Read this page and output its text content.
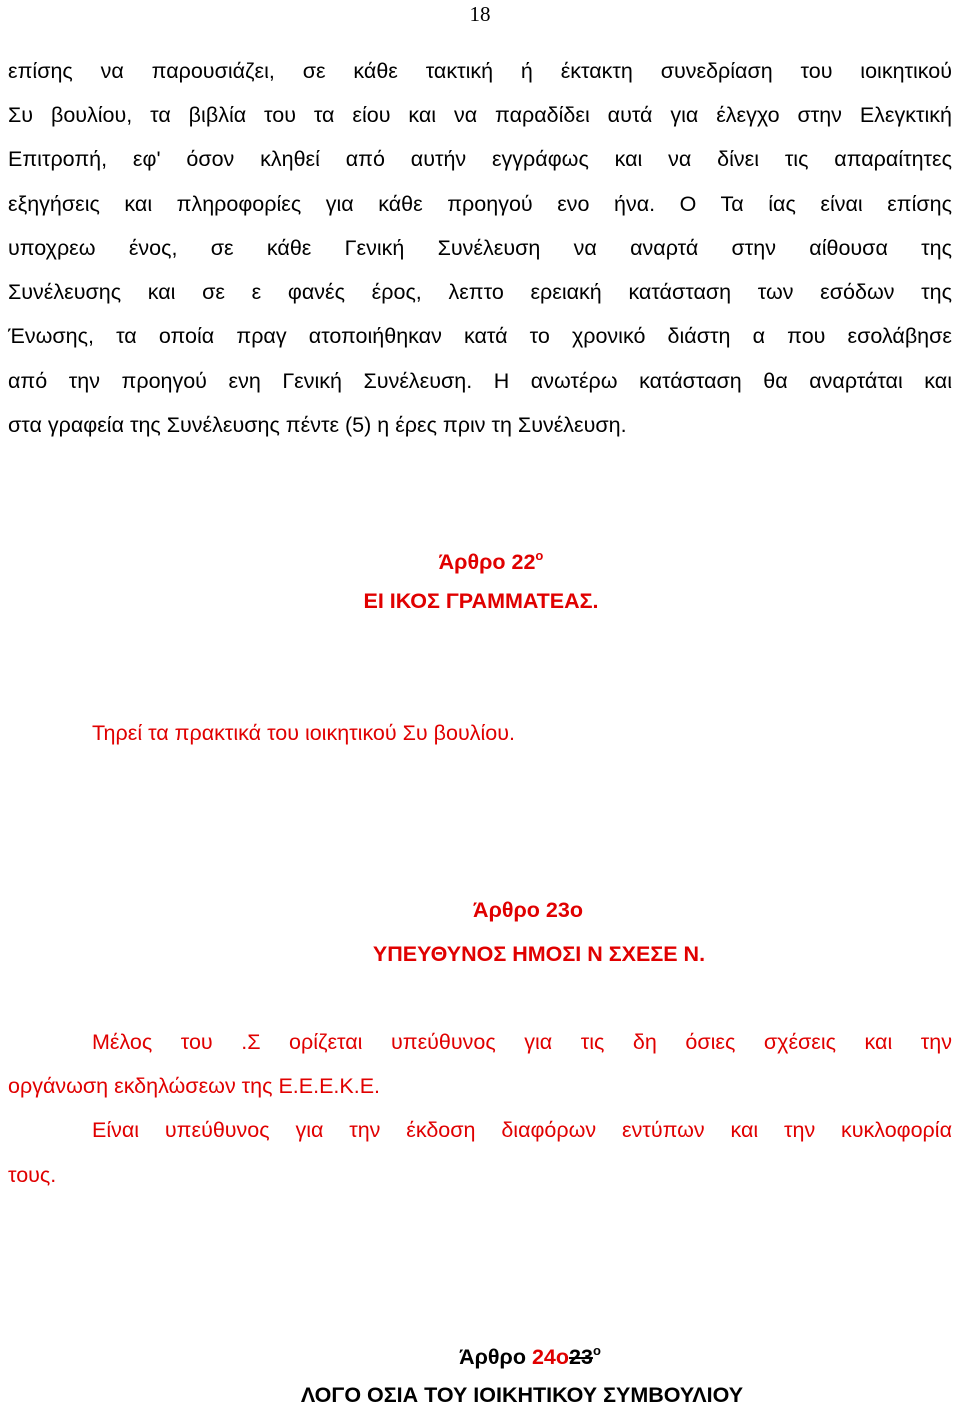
18
επίσης να παρουσιάζει, σε κάθε τακτική ή έκτακτη συνεδρίαση του ιοικητικού
Συ βουλίου, τα βιβλία του τα είου και να παραδίδει αυτά για έλεγχο στην Ελεγκτική
Επιτροπή, εφ' όσον κληθεί από αυτήν εγγράφως και να δίνει τις απαραίτητες
εξηγήσεις και πληροφορίες για κάθε προηγού ενο ήνα. Ο Τα ίας είναι επίσης
υποχρεω ένος, σε κάθε Γενική Συνέλευση να αναρτά στην αίθουσα της
Συνέλευσης και σε ε φανές έρος, λεπτο ερειακή κατάσταση των εσόδων της
Ένωσης, τα οποία πραγ ατοποιήθηκαν κατά το χρονικό διάστη α που εσολάβησε
από την προηγού ενη Γενική Συνέλευση. Η ανωτέρω κατάσταση θα αναρτάται και
στα γραφεία της Συνέλευσης πέντε (5) η έρες πριν τη Συνέλευση.
Άρθρο $22^o$
ΕΙ ΙΚΟΣ ΓΡΑΜΜΑΤΕΑΣ.
Τηρεί τα πρακτικά του ιοικητικού Συ βουλίου.
Άρθρο 23ο
ΥΠΕΥΘΥΝΟΣ ΗΜΟΣΙ Ν ΣΧΕΣΕ Ν.
Μέλος του .Σ ορίζεται υπεύθυνος για τις δη όσιες σχέσεις και την
οργάνωση εκδηλώσεων της Ε.Ε.Ε.Κ.Ε.
Είναι υπεύθυνος για την έκδοση διαφόρων εντύπων και την κυκλοφορία
τους.
Άρθρο $24o23^o$
ΛΟΓΟ ΟΣΙΑ ΤΟΥ ΙΟΙΚΗΤΙΚΟΥ ΣΥΜΒΟΥΛΙΟΥ
